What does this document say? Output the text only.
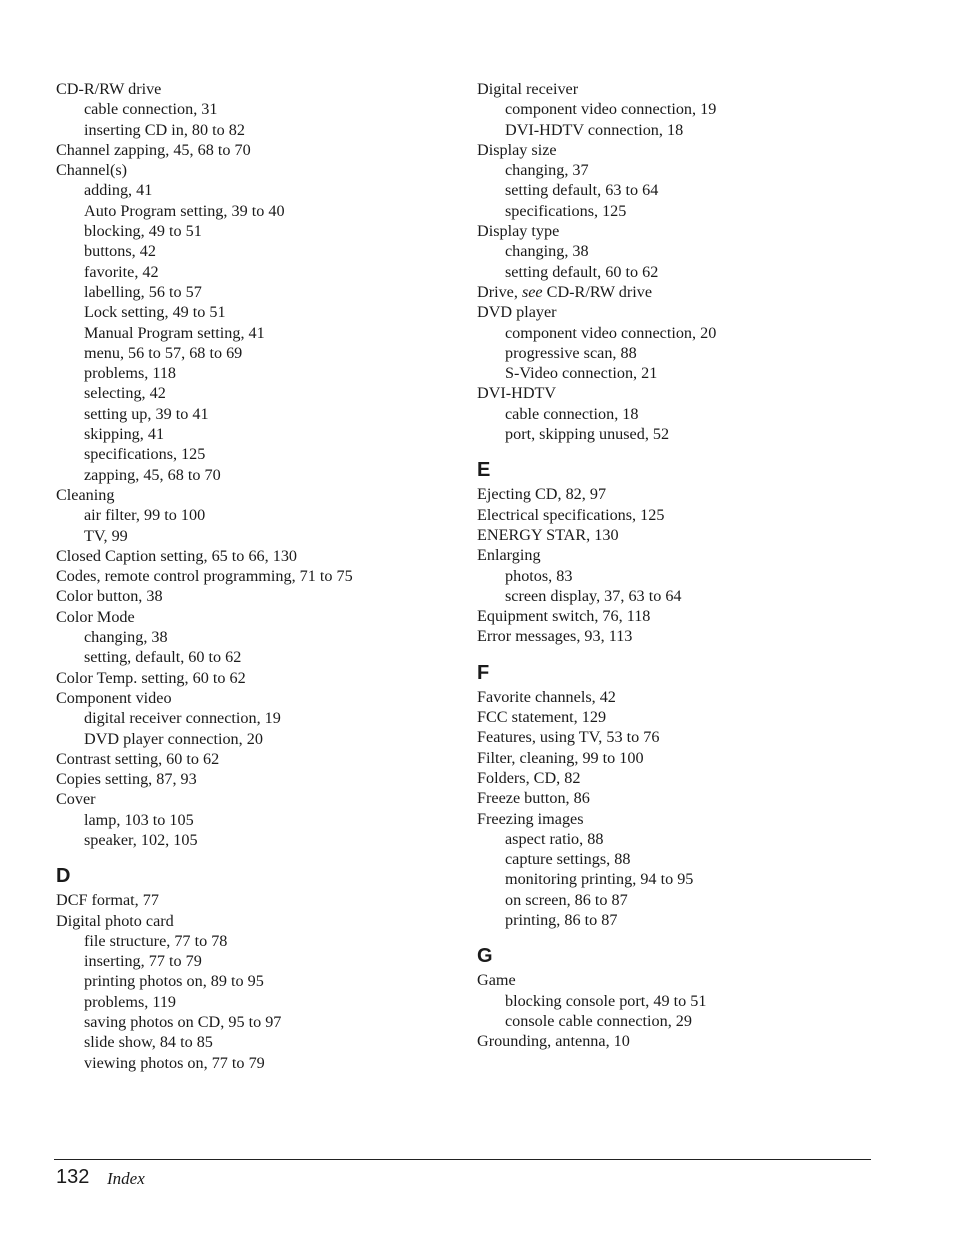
CD-R/RW drive
cable connection, 31
inserting CD in, 80 to 82
Channel zapping, 45, 68 to 70
Channel(s)
adding, 41
Auto Program setting, 39 to 40
blocking, 49 to 51
buttons, 42
favorite, 42
labelling, 56 to 57
Lock setting, 49 to 51
Manual Program setting, 41
menu, 56 to 57, 68 to 69
problems, 118
selecting, 42
setting up, 39 to 41
skipping, 41
specifications, 125
zapping, 45, 68 to 70
Cleaning
air filter, 99 to 100
TV, 99
Closed Caption setting, 65 to 66, 130
Codes, remote control programming, 71 to 75
Color button, 38
Color Mode
changing, 38
setting, default, 60 to 62
Color Temp. setting, 60 to 62
Component video
digital receiver connection, 19
DVD player connection, 20
Contrast setting, 60 to 62
Copies setting, 87, 93
Cover
lamp, 103 to 105
speaker, 102, 105
D
DCF format, 77
Digital photo card
file structure, 77 to 78
inserting, 77 to 79
printing photos on, 89 to 95
problems, 119
saving photos on CD, 95 to 97
slide show, 84 to 85
viewing photos on, 77 to 79
Digital receiver
component video connection, 19
DVI-HDTV connection, 18
Display size
changing, 37
setting default, 63 to 64
specifications, 125
Display type
changing, 38
setting default, 60 to 62
Drive, see CD-R/RW drive
DVD player
component video connection, 20
progressive scan, 88
S-Video connection, 21
DVI-HDTV
cable connection, 18
port, skipping unused, 52
E
Ejecting CD, 82, 97
Electrical specifications, 125
ENERGY STAR, 130
Enlarging
photos, 83
screen display, 37, 63 to 64
Equipment switch, 76, 118
Error messages, 93, 113
F
Favorite channels, 42
FCC statement, 129
Features, using TV, 53 to 76
Filter, cleaning, 99 to 100
Folders, CD, 82
Freeze button, 86
Freezing images
aspect ratio, 88
capture settings, 88
monitoring printing, 94 to 95
on screen, 86 to 87
printing, 86 to 87
G
Game
blocking console port, 49 to 51
console cable connection, 29
Grounding, antenna, 10
132 Index
